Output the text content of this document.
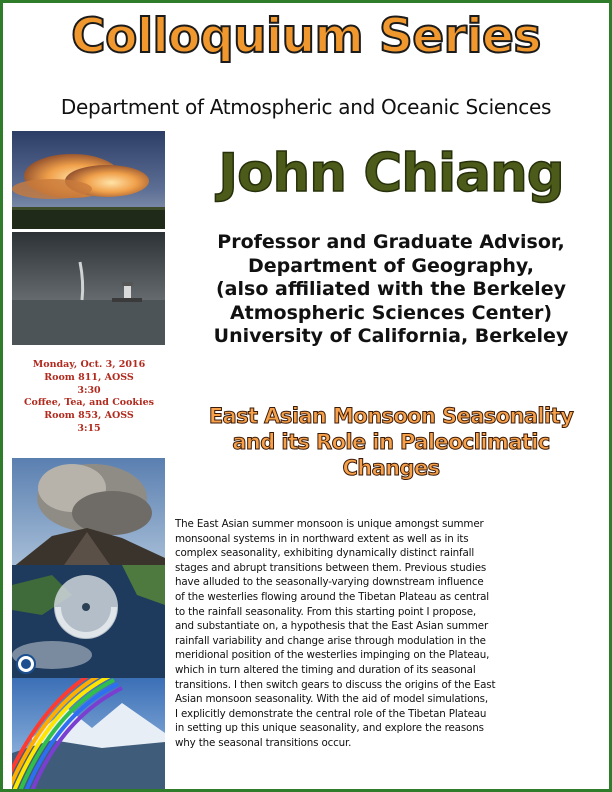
Colloquium Series
Department of Atmospheric and Oceanic Sciences
Monday, Oct. 3, 2016
Room 811, AOSS
3:30
Coffee, Tea, and Cookies
Room 853, AOSS
3:15
John Chiang
Professor and Graduate Advisor,
Department of Geography,
(also affiliated with the Berkeley
Atmospheric Sciences Center)
University of California, Berkeley
East Asian Monsoon Seasonality
and its Role in Paleoclimatic
Changes
The East Asian summer monsoon is unique amongst summer
monsoonal systems in in northward extent as well as in its
complex seasonality, exhibiting dynamically distinct rainfall
stages and abrupt transitions between them. Previous studies
have alluded to the seasonally-varying downstream influence
of the westerlies flowing around the Tibetan Plateau as central
to the rainfall seasonality. From this starting point I propose,
and substantiate on, a hypothesis that the East Asian summer
rainfall variability and change arise through modulation in the
meridional position of the westerlies impinging on the Plateau,
which in turn altered the timing and duration of its seasonal
transitions. I then switch gears to discuss the origins of the East
Asian monsoon seasonality. With the aid of model simulations,
I explicitly demonstrate the central role of the Tibetan Plateau
in setting up this unique seasonality, and explore the reasons
why the seasonal transitions occur.
